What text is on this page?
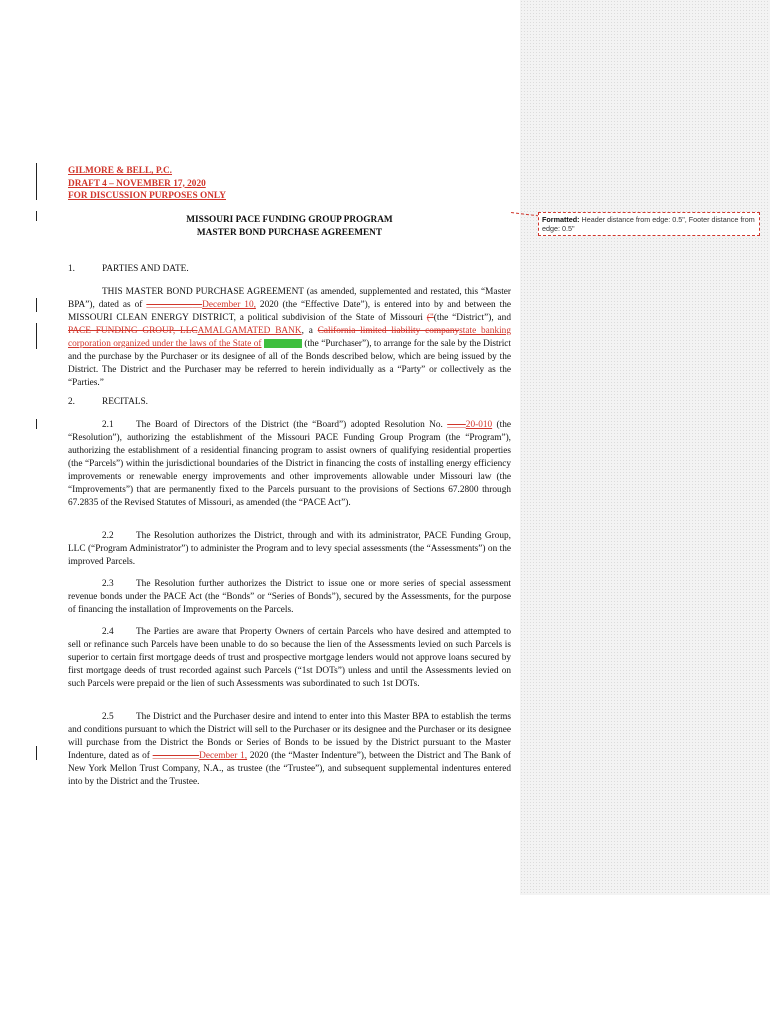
GILMORE & BELL, P.C.
DRAFT 4 – NOVEMBER 17, 2020
FOR DISCUSSION PURPOSES ONLY
MISSOURI PACE FUNDING GROUP PROGRAM
MASTER BOND PURCHASE AGREEMENT
Formatted: Header distance from edge: 0.5", Footer distance from edge: 0.5"
1.	PARTIES AND DATE.
THIS MASTER BOND PURCHASE AGREEMENT (as amended, supplemented and restated, this “Master BPA”), dated as of ____________December 10, 2020 (the “Effective Date”), is entered into by and between the MISSOURI CLEAN ENERGY DISTRICT, a political subdivision of the State of Missouri ("(the “District”), and PACE FUNDING GROUP, LLCAMALGAMATED BANK, a California limited liability companystate banking corporation organized under the laws of the State of	(the “Purchaser”), to arrange for the sale by the District and the purchase by the Purchaser or its designee of all of the Bonds described below, which are being issued by the District. The District and the Purchaser may be referred to herein individually as a “Party” or collectively as the “Parties.”
2.	RECITALS.
2.1 The Board of Directors of the District (the “Board”) adopted Resolution No. ____20-010 (the “Resolution”), authorizing the establishment of the Missouri PACE Funding Group Program (the “Program”), authorizing the establishment of a residential financing program to assist owners of qualifying residential properties (the “Parcels”) within the jurisdictional boundaries of the District in financing the costs of installing energy efficiency improvements or renewable energy improvements and other improvements allowable under Missouri law (the “Improvements”) that are permanently fixed to the Parcels pursuant to the provisions of Sections 67.2800 through 67.2835 of the Revised Statutes of Missouri, as amended (the “PACE Act”).
2.2 The Resolution authorizes the District, through and with its administrator, PACE Funding Group, LLC (“Program Administrator”) to administer the Program and to levy special assessments (the “Assessments”) on the improved Parcels.
2.3 The Resolution further authorizes the District to issue one or more series of special assessment revenue bonds under the PACE Act (the “Bonds” or “Series of Bonds”), secured by the Assessments, for the purpose of financing the installation of Improvements on the Parcels.
2.4 The Parties are aware that Property Owners of certain Parcels who have desired and attempted to sell or refinance such Parcels have been unable to do so because the lien of the Assessments levied on such Parcels is superior to certain first mortgage deeds of trust and prospective mortgage lenders would not approve loans secured by first mortgage deeds of trust recorded against such Parcels (“1st DOTs”) unless and until the Assessments levied on such Parcels were prepaid or the lien of such Assessments was subordinated to such 1st DOTs.
2.5 The District and the Purchaser desire and intend to enter into this Master BPA to establish the terms and conditions pursuant to which the District will sell to the Purchaser or its designee and the Purchaser or its designee will purchase from the District the Bonds or Series of Bonds to be issued by the District pursuant to the Master Indenture, dated as of __________December 1, 2020 (the “Master Indenture”), between the District and The Bank of New York Mellon Trust Company, N.A., as trustee (the “Trustee”), and subsequent supplemental indentures entered into by the District and the Trustee.
